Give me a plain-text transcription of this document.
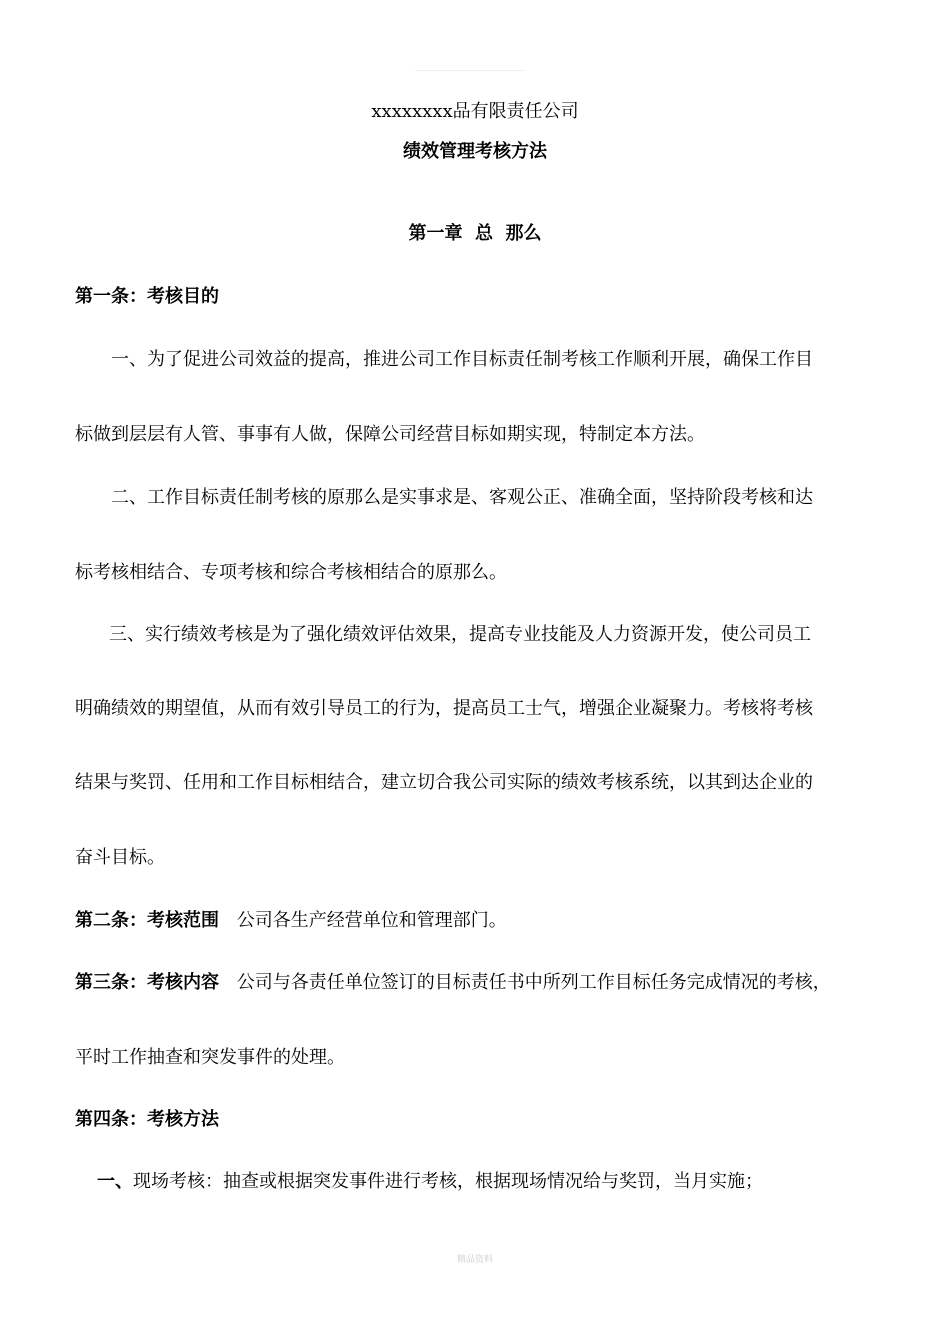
xxxxxxxx品有限责任公司
绩效管理考核方法
第一章  总  那么
第一条：考核目的
一、为了促进公司效益的提高，推进公司工作目标责任制考核工作顺利开展，确保工作目
标做到层层有人管、事事有人做，保障公司经营目标如期实现，特制定本方法。
二、工作目标责任制考核的原那么是实事求是、客观公正、准确全面，坚持阶段考核和达
标考核相结合、专项考核和综合考核相结合的原那么。
三、实行绩效考核是为了强化绩效评估效果，提高专业技能及人力资源开发，使公司员工
明确绩效的期望值，从而有效引导员工的行为，提高员工士气，增强企业凝聚力。考核将考核
结果与奖罚、任用和工作目标相结合，建立切合我公司实际的绩效考核系统，以其到达企业的
奋斗目标。
第二条：考核范围 公司各生产经营单位和管理部门。
第三条：考核内容 公司与各责任单位签订的目标责任书中所列工作目标任务完成情况的考核，
平时工作抽查和突发事件的处理。
第四条：考核方法
一、现场考核：抽查或根据突发事件进行考核，根据现场情况给与奖罚，当月实施；
精品资料
